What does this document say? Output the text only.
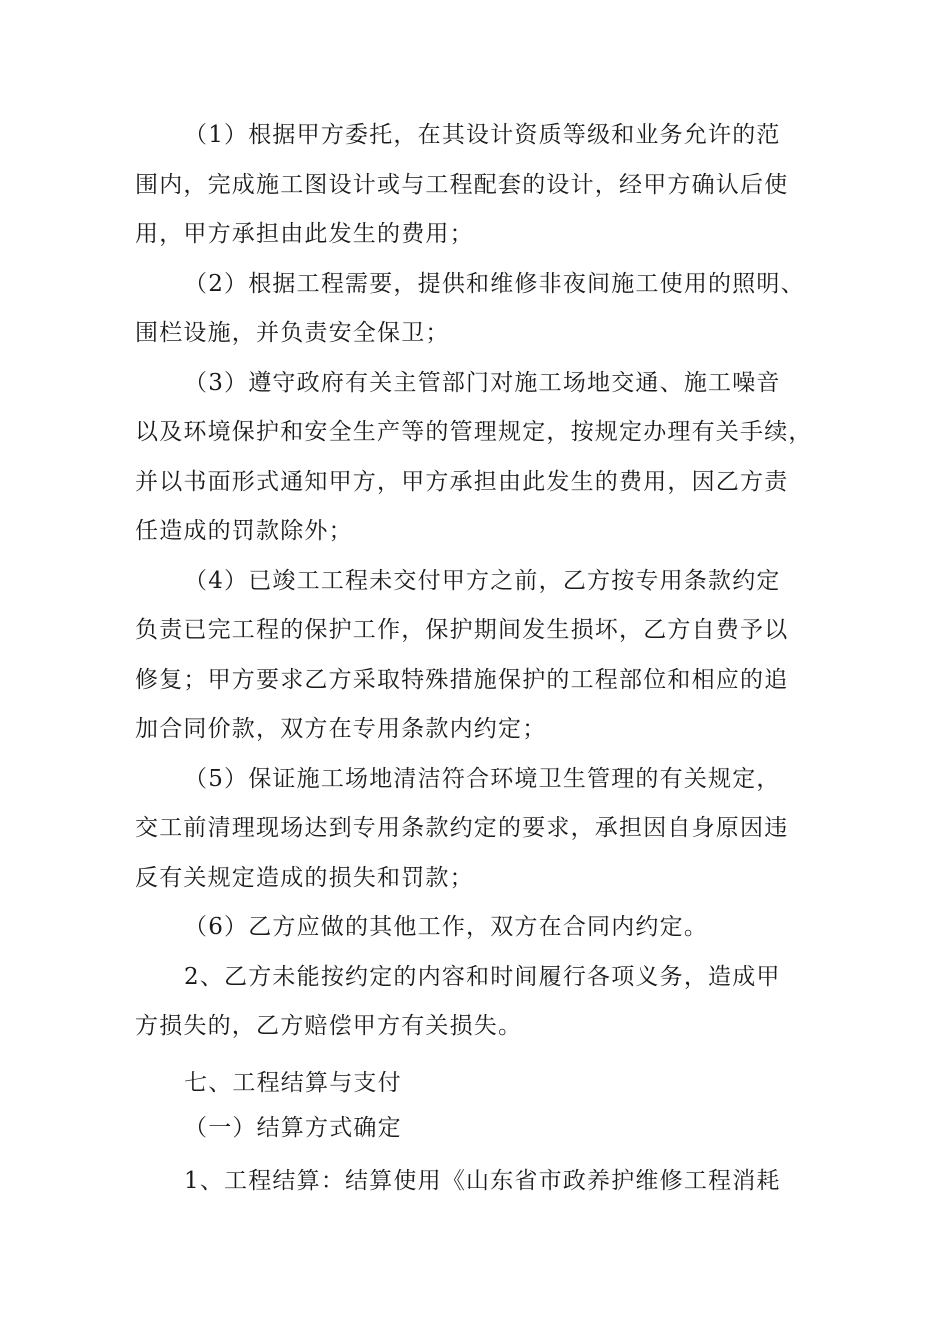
（1）根据甲方委托，在其设计资质等级和业务允许的范
围内，完成施工图设计或与工程配套的设计，经甲方确认后使
用，甲方承担由此发生的费用；
（2）根据工程需要，提供和维修非夜间施工使用的照明、
围栏设施，并负责安全保卫；
（3）遵守政府有关主管部门对施工场地交通、施工噪音
以及环境保护和安全生产等的管理规定，按规定办理有关手续，
并以书面形式通知甲方，甲方承担由此发生的费用，因乙方责
任造成的罚款除外；
（4）已竣工工程未交付甲方之前，乙方按专用条款约定
负责已完工程的保护工作，保护期间发生损坏，乙方自费予以
修复；甲方要求乙方采取特殊措施保护的工程部位和相应的追
加合同价款，双方在专用条款内约定；
（5）保证施工场地清洁符合环境卫生管理的有关规定，
交工前清理现场达到专用条款约定的要求，承担因自身原因违
反有关规定造成的损失和罚款；
（6）乙方应做的其他工作，双方在合同内约定。
2、乙方未能按约定的内容和时间履行各项义务，造成甲
方损失的，乙方赔偿甲方有关损失。
七、工程结算与支付
（一）结算方式确定
1、工程结算：结算使用《山东省市政养护维修工程消耗
